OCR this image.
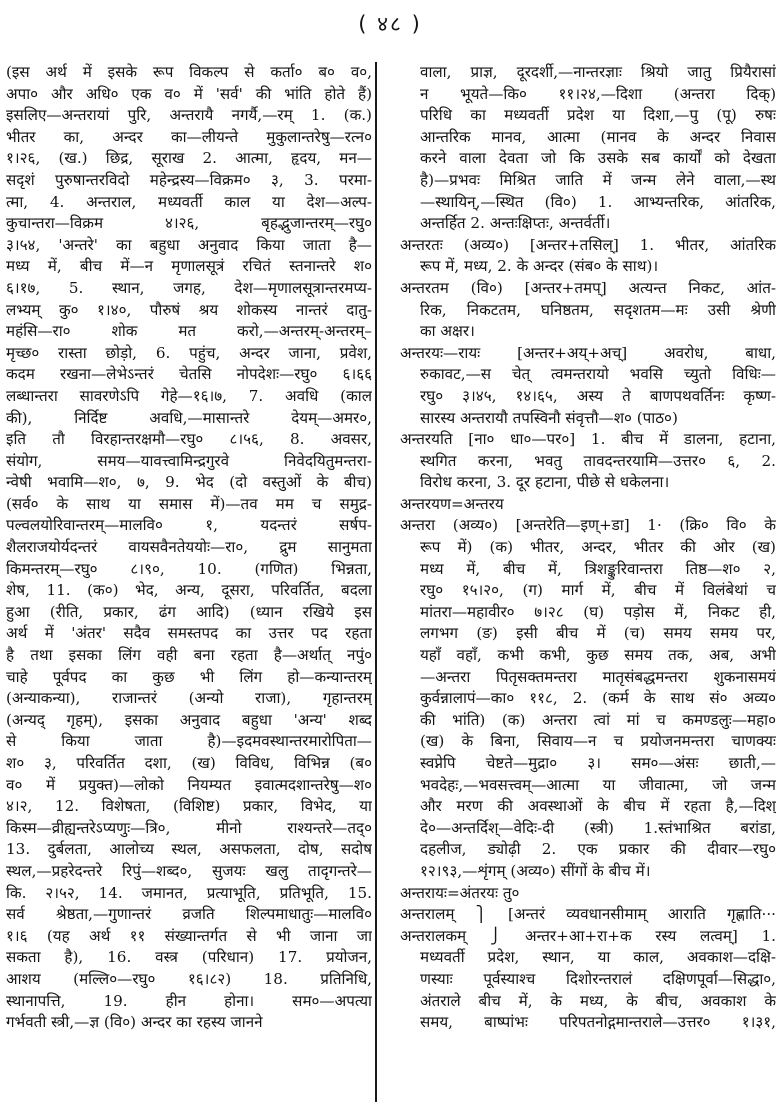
( ४८ )
(इस अर्थ में इसके रूप विकल्प से कर्ता० ब० व०,
अपा० और अधि० एक व० में 'सर्व' की भांति होते हैं)
इसलिए—अन्तरायां पुरि, अन्तरायै नगर्यै,—रम् 1. (क.)
भीतर का, अन्दर का—लीयन्ते मुकुलान्तरेषु—रत्न०
१।२६, (ख.) छिद्र, सूराख 2. आत्मा, हृदय, मन—
सदृशं पुरुषान्तरविदो महेन्द्रस्य—विक्रम० ३, 3. परमा-
त्मा, 4. अन्तराल, मध्यवर्ती काल या देश—अल्प-
कुचान्तरा—विक्रम ४।२६, बृहद्भुजान्तरम्—रघु०
३।५४, 'अन्तरे' का बहुधा अनुवाद किया जाता है—
मध्य में, बीच में—न मृणालसूत्रं रचितं स्तनान्तरे श०
६।१७, 5. स्थान, जगह, देश—मृणालसूत्रान्तरमप्य-
लभ्यम् कु० १।४०, पौरुषं श्रय शोकस्य नान्तरं दातु-
महंसि—रा० शोक मत करो,—अन्तरम्-अन्तरम्–
मृच्छ० रास्ता छोड़ो, 6. पहुंच, अन्दर जाना, प्रवेश,
कदम रखना—लेभेऽन्तरं चेतसि नोपदेशः—रघु० ६।६६
लब्धान्तरा सावरणेऽपि गेहे—१६।७, 7. अवधि (काल
की), निर्दिष्ट अवधि,—मासान्तरे देयम्—अमर०,
इति तौ विरहान्तरक्षमौ—रघु० ८।५६, 8. अवसर,
संयोग, समय—यावत्त्वामिन्द्रगुरवे निवेदयितुमन्तरा-
न्वेषी भवामि—श०, ७, 9. भेद (दो वस्तुओं के बीच)
(सर्व० के साथ या समास में)—तव मम च समुद्र-
पल्वलयोरिवान्तरम्—मालवि० १, यदन्तरं सर्षप-
शैलराजयोर्यदन्तरं वायसवैनतेययोः—रा०, द्रुम सानुमता
किमन्तरम्—रघु० ८।९०, 10. (गणित) भिन्नता,
शेष, 11. (क०) भेद, अन्य, दूसरा, परिवर्तित, बदला
हुआ (रीति, प्रकार, ढंग आदि) (ध्यान रखिये इस
अर्थ में 'अंतर' सदैव समस्तपद का उत्तर पद रहता
है तथा इसका लिंग वही बना रहता है—अर्थात् नपुं०
चाहे पूर्वपद का कुछ भी लिंग हो—कन्यान्तरम्
(अन्याकन्या), राजान्तरं (अन्यो राजा), गृहान्तरम्
(अन्यद् गृहम्), इसका अनुवाद बहुधा 'अन्य' शब्द
से किया जाता है)—इदमवस्थान्तरमारोपिता—
श० ३, परिवर्तित दशा, (ख) विविध, विभिन्न (ब०
व० में प्रयुक्त)—लोको नियम्यत इवात्मदशान्तरेषु—श०
४।२, 12. विशेषता, (विशिष्ट) प्रकार, विभेद, या
किस्म—व्रीह्यन्तरेऽप्यणुः—त्रि०, मीनो राश्यन्तरे—तद्०
13. दुर्बलता, आलोच्य स्थल, असफलता, दोष, सदोष
स्थल,—प्रहरेदन्तरे रिपुं—शब्द०, सुजयः खलु तादृगन्तरे—
कि. २।५२, 14. जमानत, प्रत्याभूति, प्रतिभूति, 15.
सर्व श्रेष्ठता,—गुणान्तरं व्रजति शिल्पमाधातुः—मालवि०
१।६ (यह अर्थ ११ संख्यान्तर्गत से भी जाना जा
सकता है), 16. वस्त्र (परिधान) 17. प्रयोजन,
आशय (मल्लि०—रघु० १६।८२) 18. प्रतिनिधि,
स्थानापत्ति, 19. हीन होना। सम०—अपत्या
गर्भवती स्त्री,—ज्ञ (वि०) अन्दर का रहस्य जानने
वाला, प्राज्ञ, दूरदर्शी,—नान्तरज्ञाः श्रियो जातु प्रियैरासां
न भूयते—कि० ११।२४,—दिशा (अन्तरा दिक्)
परिधि का मध्यवर्ती प्रदेश या दिशा,—पु (पू) रुषः
आन्तरिक मानव, आत्मा (मानव के अन्दर निवास
करने वाला देवता जो कि उसके सब कार्यों को देखता
है)—प्रभवः मिश्रित जाति में जन्म लेने वाला,—स्थ
—स्थायिन्,—स्थित (वि०) 1. आभ्यन्तरिक, आंतरिक,
अन्तर्हित 2. अन्तःक्षिप्तः, अन्तर्वर्ती।
अन्तरतः (अव्य०) [अन्तर+तसिल्] 1. भीतर, आंतरिक
रूप में, मध्य, 2. के अन्दर (संब० के साथ)।
अन्तरतम (वि०) [अन्तर+तमप्] अत्यन्त निकट, आंत-
रिक, निकटतम, घनिष्ठतम, सदृशतम—मः उसी श्रेणी
का अक्षर।
अन्तरयः—रायः [अन्तर+अय्+अच्] अवरोध, बाधा,
रुकावट,—स चेत् त्वमन्तरायो भवसि च्युतो विधिः—
रघु० ३।४५, १४।६५, अस्य ते बाणपथवर्तिनः कृष्ण-
सारस्य अन्तरायौ तपस्विनौ संवृत्तौ—श० (पाठ०)
अन्तरयति [ना० धा०—पर०] 1. बीच में डालना, हटाना,
स्थगित करना, भवतु तावदन्तरयामि—उत्तर० ६, 2.
विरोध करना, 3. दूर हटाना, पीछे से धकेलना।
अन्तरयण=अन्तरय
अन्तरा (अव्य०) [अन्तरेति—इण्+डा] 1· (क्रि० वि० के
रूप में) (क) भीतर, अन्दर, भीतर की ओर (ख)
मध्य में, बीच में, त्रिशङ्कुरिवान्तरा तिष्ठ—श० २,
रघु० १५।२०, (ग) मार्ग में, बीच में विलंबेथां च
मांतरा—महावीर० ७।२८ (घ) पड़ोस में, निकट ही,
लगभग (ङ) इसी बीच में (च) समय समय पर,
यहाँ वहाँ, कभी कभी, कुछ समय तक, अब, अभी
—अन्तरा पितृसक्तमन्तरा मातृसंबद्धमन्तरा शुकनासमयं
कुर्वन्नालापं—का० ११८, 2. (कर्म के साथ सं० अव्य०
की भांति) (क) अन्तरा त्वां मां च कमण्डलुः—महा०
(ख) के बिना, सिवाय—न च प्रयोजनमन्तरा चाणक्यः
स्वप्नेपि चेष्टते—मुद्रा० ३। सम०—अंसः छाती,—
भवदेहः,—भवसत्त्वम्—आत्मा या जीवात्मा, जो जन्म
और मरण की अवस्थाओं के बीच में रहता है,—दिश्
दे०—अन्तर्दिश्—वेदिः-दी (स्त्री) 1.स्तंभाश्रित बरांडा,
दहलीज, ड्योढ़ी 2. एक प्रकार की दीवार—रघु०
१२।९३,—शृंगम् (अव्य०) सींगों के बीच में।
अन्तरायः=अंतरयः तु०
अन्तरालम् ⎫ [अन्तरं व्यवधानसीमाम् आराति गृह्णाति···
अन्तरालकम् ⎭ अन्तर+आ+रा+क रस्य लत्वम्] 1.
मध्यवर्ती प्रदेश, स्थान, या काल, अवकाश—दक्षि-
णस्याः पूर्वस्याश्च दिशोरन्तरालं दक्षिणपूर्वा—सिद्धा०,
अंतराले बीच में, के मध्य, के बीच, अवकाश के
समय, बाष्पांभः परिपतनोद्गमान्तराले—उत्तर० १।३१,
